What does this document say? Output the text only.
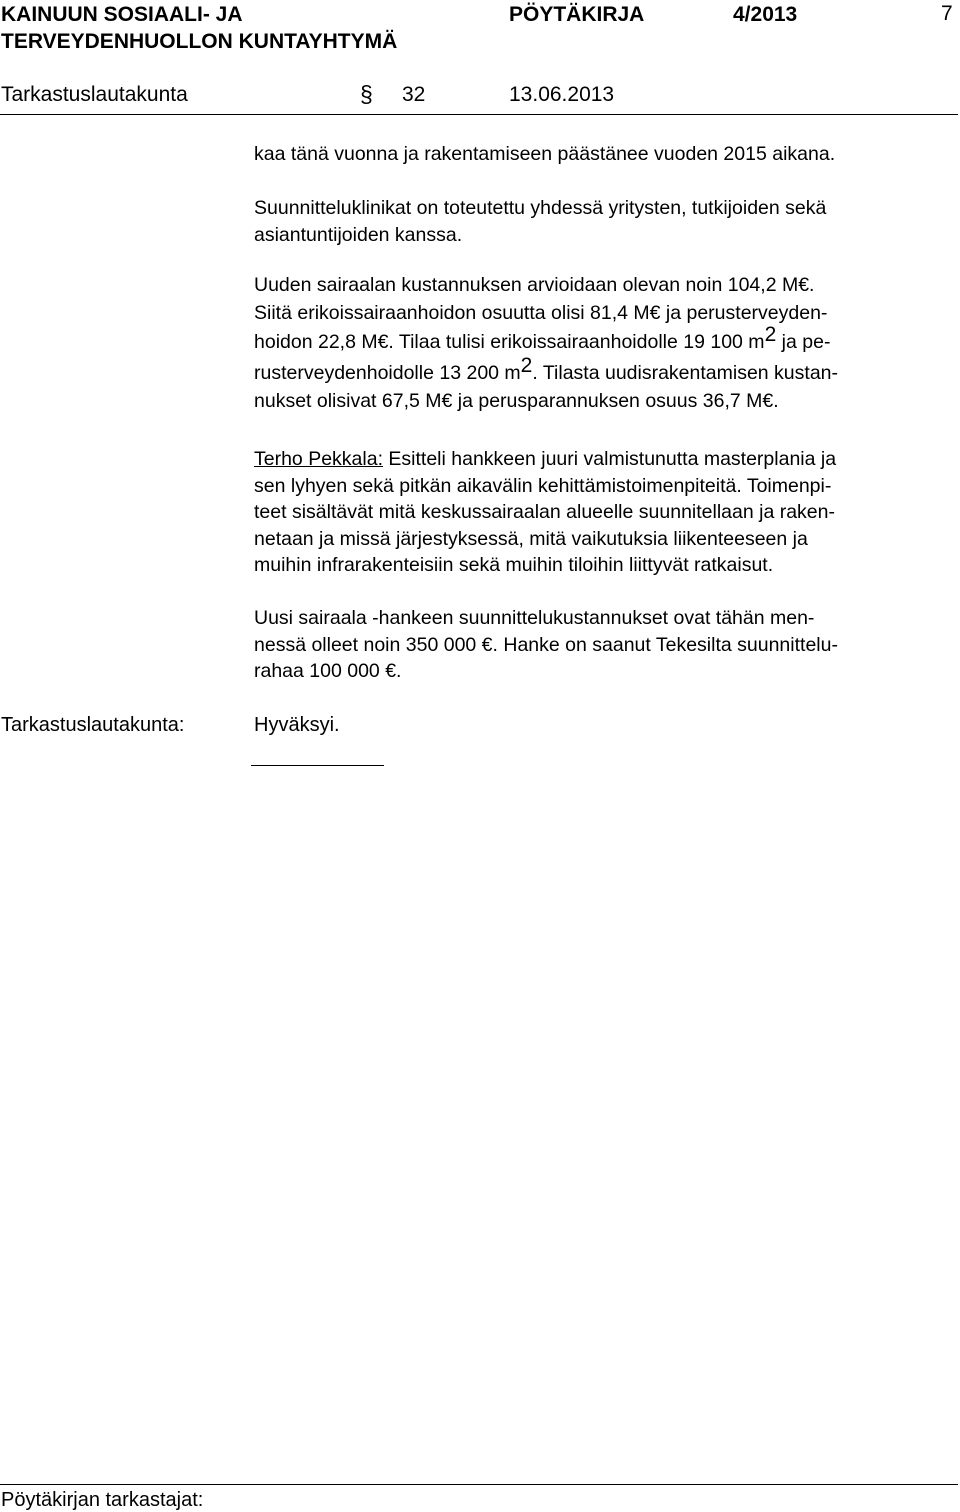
KAINUUN SOSIAALI- JA
TERVEYDENHUOLLON KUNTAYHTYMÄ
PÖYTÄKIRJA	4/2013	7
Tarkastuslautakunta	§ 32	13.06.2013
kaa tänä vuonna ja rakentamiseen päästänee vuoden 2015 aikana.
Suunnitteluklinikat on toteutettu yhdessä yritysten, tutkijoiden sekä
asiantuntijoiden kanssa.
Uuden sairaalan kustannuksen arvioidaan olevan noin 104,2 M€.
Siitä erikoissairaanhoidon osuutta olisi 81,4 M€ ja perusterveyden-
hoidon 22,8 M€. Tilaa tulisi erikoissairaanhoidolle 19 100 m2 ja pe-
rusterveydenhoidolle 13 200 m2. Tilasta uudisrakentamisen kustan-
nukset olisivat 67,5 M€ ja perusparannuksen osuus 36,7 M€.
Terho Pekkala: Esitteli hankkeen juuri valmistunutta masterplania ja
sen lyhyen sekä pitkän aikavälin kehittämistoimenpiteitä. Toimenpi-
teet sisältävät mitä keskussairaalan alueelle suunnitellaan ja raken-
netaan ja missä järjestyksessä, mitä vaikutuksia liikenteeseen ja
muihin infrarakenteisiin sekä muihin tiloihin liittyvät ratkaisut.
Uusi sairaala -hankeen suunnittelukustannukset ovat tähän men-
nessä olleet noin 350 000 €. Hanke on saanut Tekesilta suunnittelu-
rahaa 100 000 €.
Tarkastuslautakunta:	Hyväksyi.
Pöytäkirjan tarkastajat:
